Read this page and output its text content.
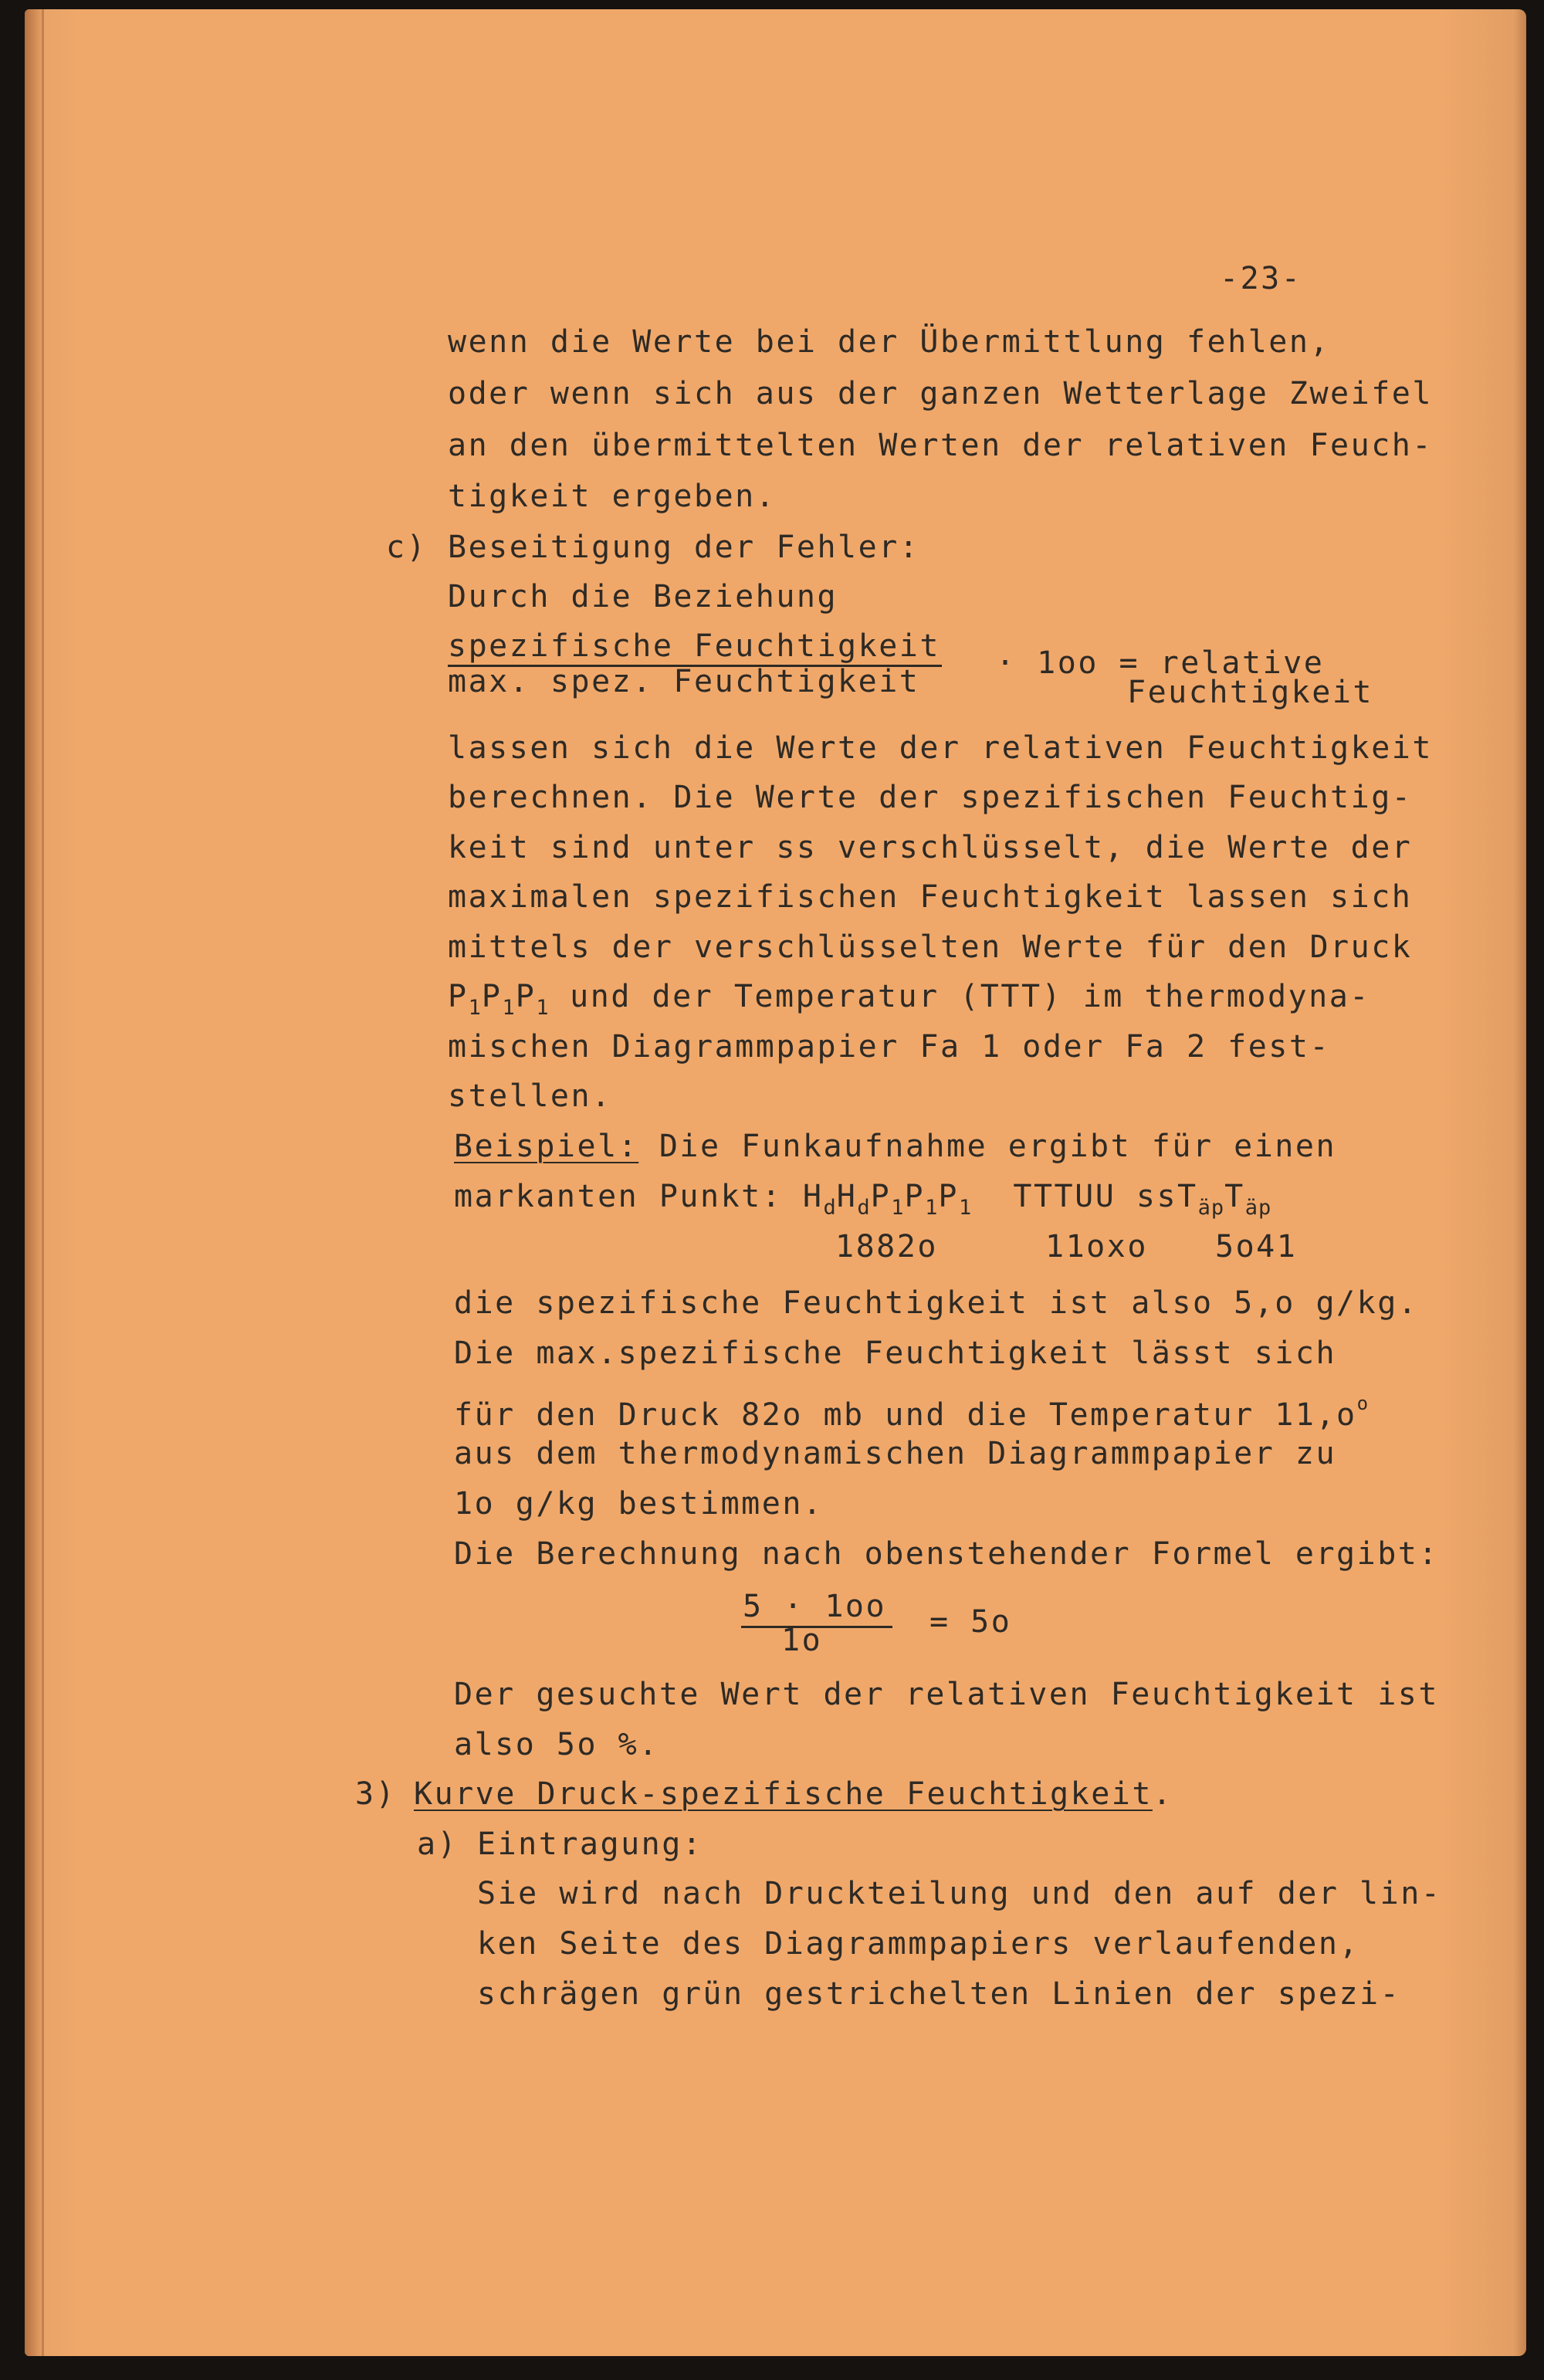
-23-
wenn die Werte bei der Übermittlung fehlen,
oder wenn sich aus der ganzen Wetterlage Zweifel
an den übermittelten Werten der relativen Feuch-
tigkeit ergeben.
c) Beseitigung der Fehler:
Durch die Beziehung
spezifische Feuchtigkeit
max. spez. Feuchtigkeit
· 1oo = relative
Feuchtigkeit
lassen sich die Werte der relativen Feuchtigkeit
berechnen. Die Werte der spezifischen Feuchtig-
keit sind unter ss verschlüsselt, die Werte der
maximalen spezifischen Feuchtigkeit lassen sich
mittels der verschlüsselten Werte für den Druck
$P_1P_1P_1$ und der Temperatur (TTT) im thermodyna-
mischen Diagrammpapier Fa 1 oder Fa 2 fest-
stellen.
Beispiel: Die Funkaufnahme ergibt für einen
markanten Punkt: $H_dH_dP_1P_1P_1$ TTTUU $ssT_{äp}T_{äp}$
1882o	11oxo 5o41
die spezifische Feuchtigkeit ist also 5,o g/kg.
Die max.spezifische Feuchtigkeit lässt sich
für den Druck 82o mb und die Temperatur $11,o^o$
aus dem thermodynamischen Diagrammpapier zu
1o g/kg bestimmen.
Die Berechnung nach obenstehender Formel ergibt:
5 · 1oo
1o
= 5o
Der gesuchte Wert der relativen Feuchtigkeit ist
also 5o %.
3) Kurve Druck-spezifische Feuchtigkeit.
a) Eintragung:
Sie wird nach Druckteilung und den auf der lin-
ken Seite des Diagrammpapiers verlaufenden,
schrägen grün gestrichelten Linien der spezi-
